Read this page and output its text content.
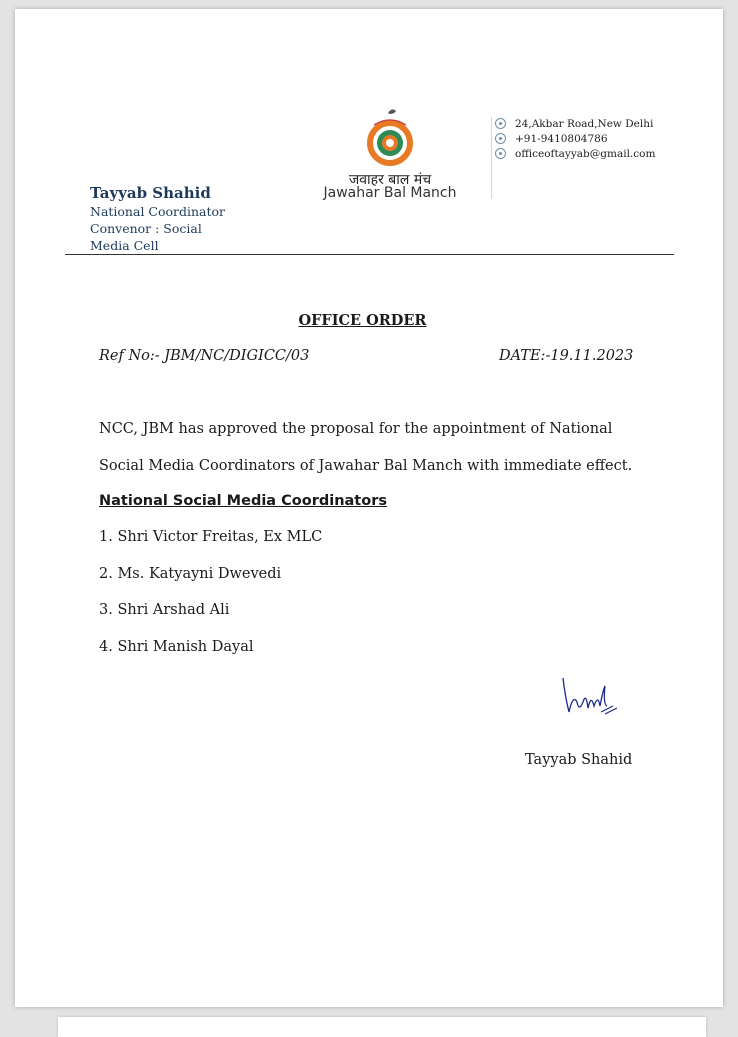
जवाहर बाल मंच
Jawahar Bal Manch
Tayyab Shahid
National Coordinator
Convenor : Social
Media Cell
24,Akbar Road,New Delhi
+91-9410804786
officeoftayyab@gmail.com
OFFICE ORDER
Ref No:- JBM/NC/DIGICC/03	DATE:-19.11.2023
NCC, JBM has approved the proposal for the appointment of National
Social Media Coordinators of Jawahar Bal Manch with immediate effect.
National Social Media Coordinators
1. Shri Victor Freitas, Ex MLC
2. Ms. Katyayni Dwevedi
3. Shri Arshad Ali
4. Shri Manish Dayal
Tayyab Shahid
